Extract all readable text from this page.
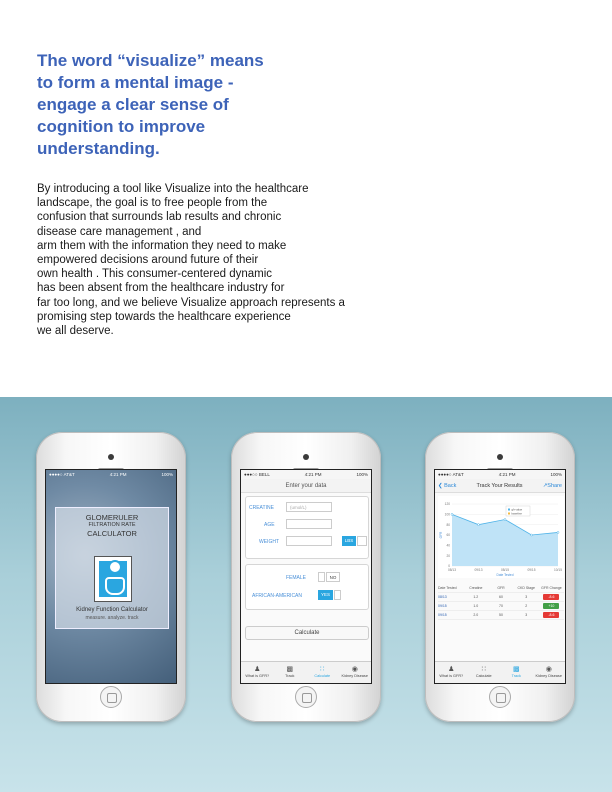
The word “visualize” means
to form a mental image -
engage a clear sense of
cognition to improve
understanding.
By introducing a tool like Visualize into the healthcare
landscape, the goal is to free people from the
confusion that surrounds lab results and chronic
disease care management , and
arm them with the information they need to make
empowered decisions around future of their
own health . This consumer-centered dynamic
has been absent from the healthcare industry for
far too long, and we believe Visualize approach represents a
promising step towards the healthcare experience
we all deserve.
●●●●○ AT&T	4:21 PM	100%
GLOMERULER
FILTRATION RATE
CALCULATOR
Kidney Function Calculator
measure. analyze. track
●●●○○ BELL	4:21 PM	100%
Enter your data
CREATINE	(umol/L)
AGE
WEIGHT	LBS
FEMALE	NO
AFRICAN-AMERICAN	YES
Calculate
♟
What is GFR?
▩
Track
∷
Calculate
◉
Kidney Disease
●●●●○ AT&T	4:21 PM	100%
❮ Back	Track Your Results	↗Share
0
20
40
60
80
100
120
08/13	09/13	08/15	09/15	10/15
Date Tested
GFR
gfr value
baseline
Date Tested	Creatine	GFR	CKD Stage	GFR Change
08/13	1.2	60	3	-8.6
09/15	1.0	70	2	+10
09/15	2.0	50	3	-8.6
♟
What is GFR?
∷
Calculate
▩
Track
◉
Kidney Disease
